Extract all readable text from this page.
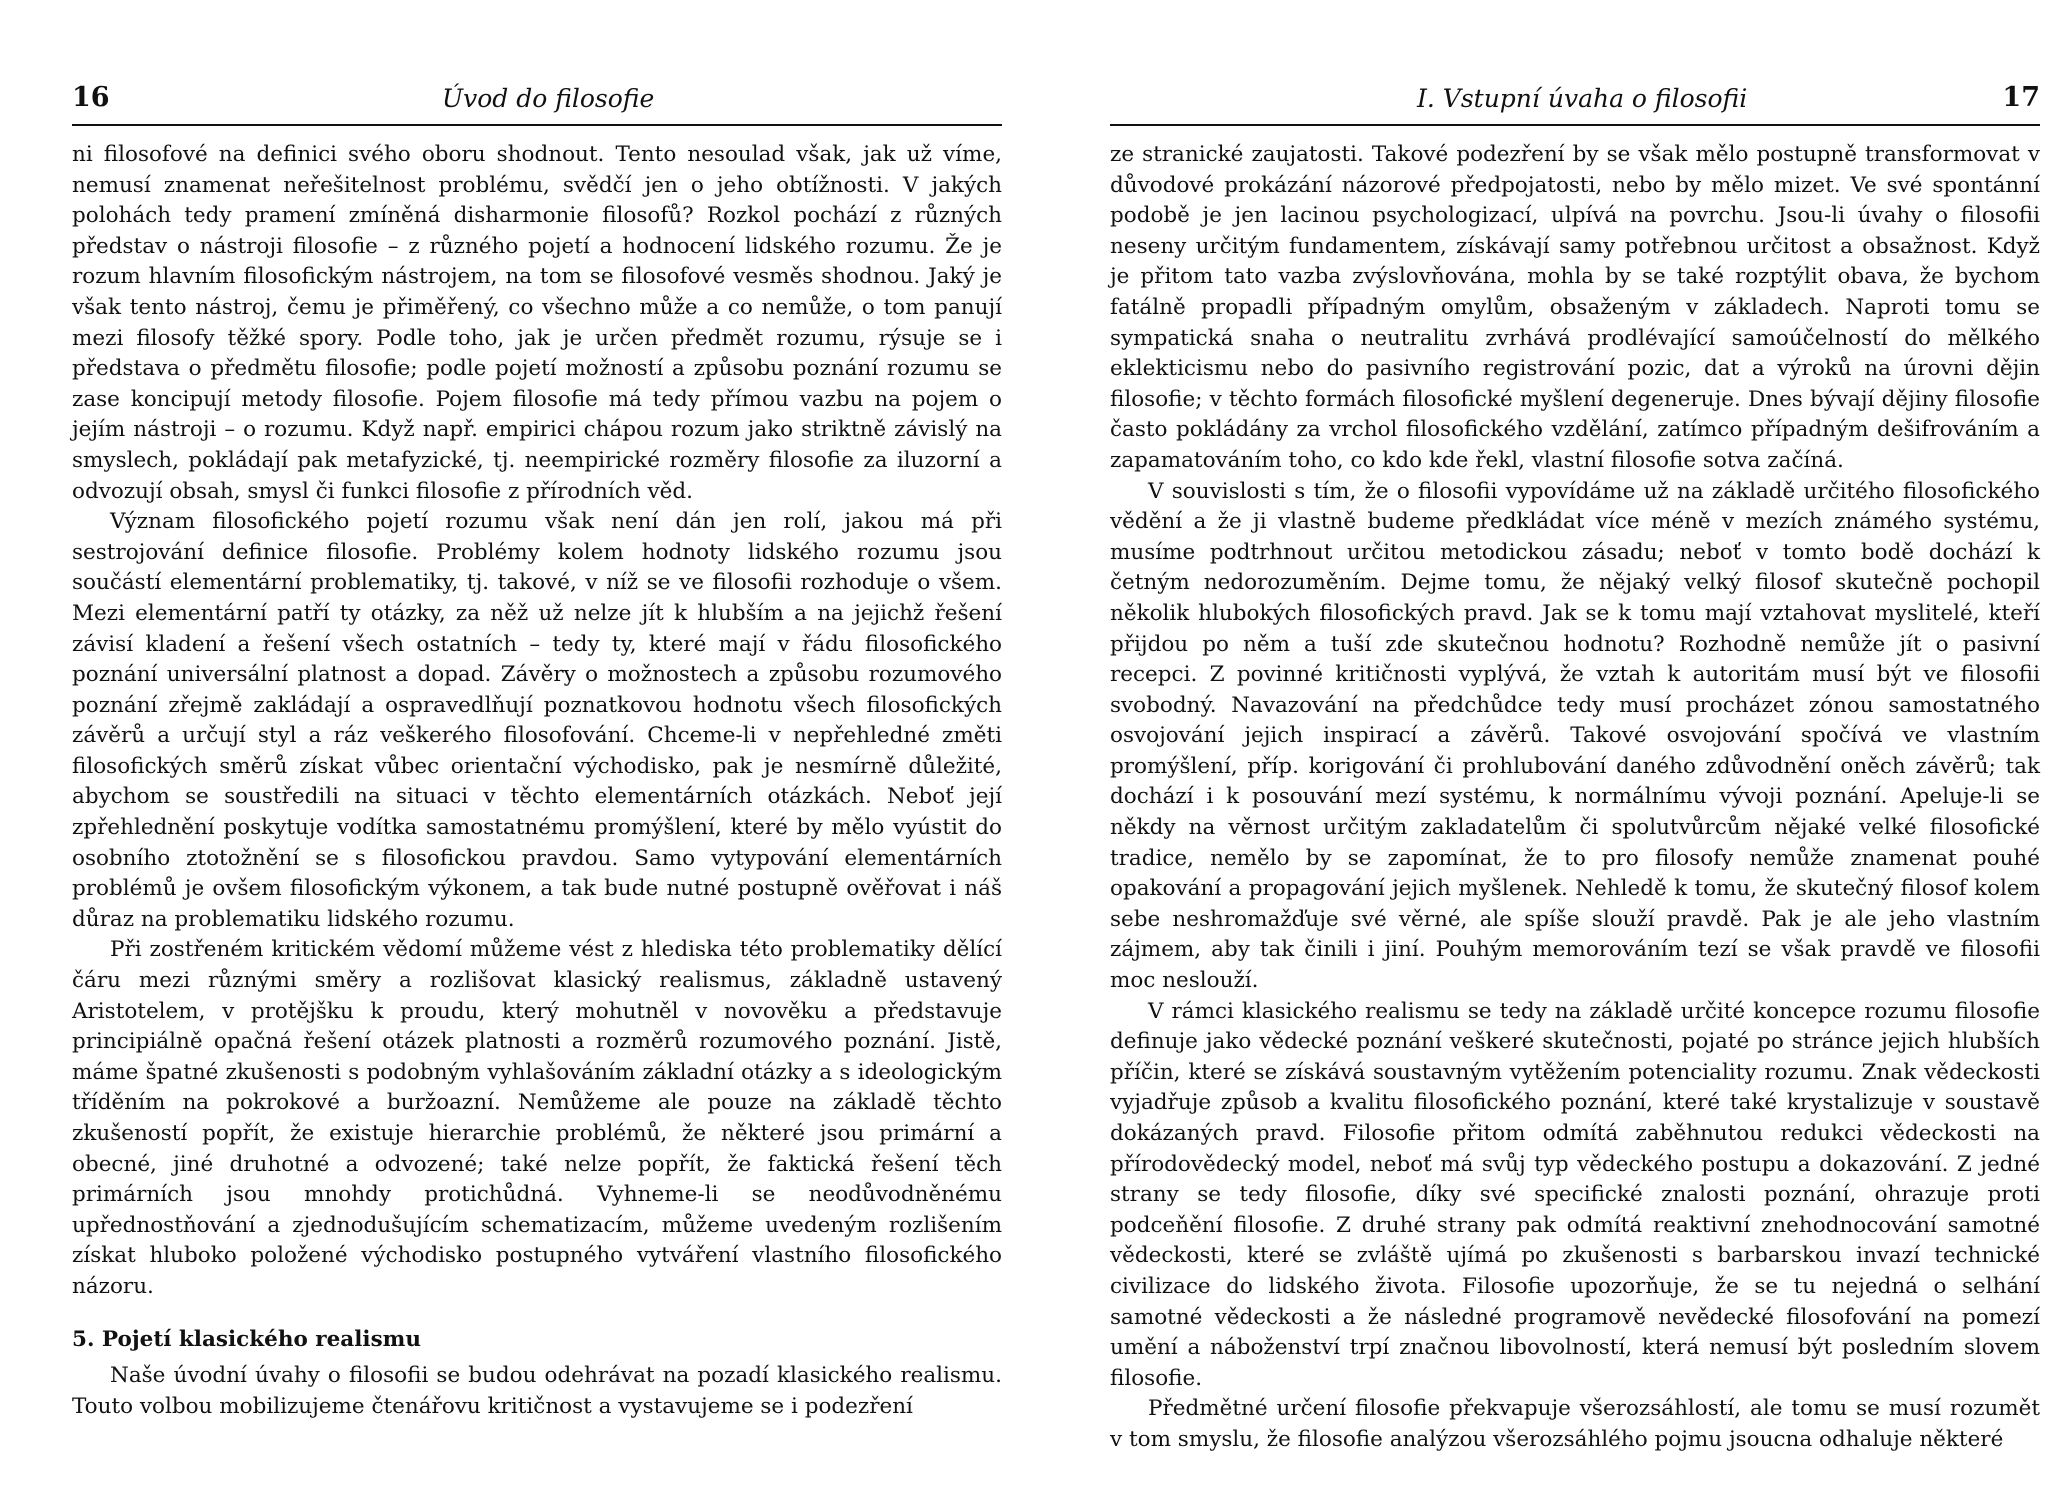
16	Úvod do filosofie

ni filosofové na definici svého oboru shodnout. Tento nesoulad však, jak už víme, nemusí znamenat neřešitelnost problému, svědčí jen o jeho obtížnosti. V jakých polohách tedy pramení zmíněná disharmonie filosofů? Rozkol pochází z různých představ o nástroji filosofie – z různého pojetí a hodnocení lidského rozumu. Že je rozum hlavním filosofickým nástrojem, na tom se filosofové vesměs shodnou. Jaký je však tento nástroj, čemu je přiměřený, co všechno může a co nemůže, o tom panují mezi filosofy těžké spory. Podle toho, jak je určen předmět rozumu, rýsuje se i představa o předmětu filosofie; podle pojetí možností a způsobu poznání rozumu se zase koncipují metody filosofie. Pojem filosofie má tedy přímou vazbu na pojem o jejím nástroji – o rozumu. Když např. empirici chápou rozum jako striktně závislý na smyslech, pokládají pak metafyzické, tj. neempirické rozměry filosofie za iluzorní a odvozují obsah, smysl či funkci filosofie z přírodních věd.

Význam filosofického pojetí rozumu však není dán jen rolí, jakou má při sestrojování definice filosofie. Problémy kolem hodnoty lidského rozumu jsou součástí elementární problematiky, tj. takové, v níž se ve filosofii rozhoduje o všem. Mezi elementární patří ty otázky, za něž už nelze jít k hlubším a na jejichž řešení závisí kladení a řešení všech ostatních – tedy ty, které mají v řádu filosofického poznání universální platnost a dopad. Závěry o možnostech a způsobu rozumového poznání zřejmě zakládají a ospravedlňují poznatkovou hodnotu všech filosofických závěrů a určují styl a ráz veškerého filosofování. Chceme-li v nepřehledné změti filosofických směrů získat vůbec orientační východisko, pak je nesmírně důležité, abychom se soustředili na situaci v těchto elementárních otázkách. Neboť její zpřehlednění poskytuje vodítka samostatnému promýšlení, které by mělo vyústit do osobního ztotožnění se s filosofickou pravdou. Samo vytypování elementárních problémů je ovšem filosofickým výkonem, a tak bude nutné postupně ověřovat i náš důraz na problematiku lidského rozumu.

Při zostřeném kritickém vědomí můžeme vést z hlediska této problematiky dělící čáru mezi různými směry a rozlišovat klasický realismus, základně ustavený Aristotelem, v protějšku k proudu, který mohutněl v novověku a představuje principiálně opačná řešení otázek platnosti a rozměrů rozumového poznání. Jistě, máme špatné zkušenosti s podobným vyhlašováním základní otázky a s ideologickým tříděním na pokrokové a buržoazní. Nemůžeme ale pouze na základě těchto zkušeností popřít, že existuje hierarchie problémů, že některé jsou primární a obecné, jiné druhotné a odvozené; také nelze popřít, že faktická řešení těch primárních jsou mnohdy protichůdná. Vyhneme-li se neodůvodněnému upřednostňování a zjednodušujícím schematizacím, můžeme uvedeným rozlišením získat hluboko položené východisko postupného vytváření vlastního filosofického názoru.

5. Pojetí klasického realismu

Naše úvodní úvahy o filosofii se budou odehrávat na pozadí klasického realismu. Touto volbou mobilizujeme čtenářovu kritičnost a vystavujeme se i podezření

I. Vstupní úvaha o filosofii	17

ze stranické zaujatosti. Takové podezření by se však mělo postupně transformovat v důvodové prokázání názorové předpojatosti, nebo by mělo mizet. Ve své spontánní podobě je jen lacinou psychologizací, ulpívá na povrchu. Jsou-li úvahy o filosofii neseny určitým fundamentem, získávají samy potřebnou určitost a obsažnost. Když je přitom tato vazba zvýslovňována, mohla by se také rozptýlit obava, že bychom fatálně propadli případným omylům, obsaženým v základech. Naproti tomu se sympatická snaha o neutralitu zvrhává prodlévající samoúčelností do mělkého eklekticismu nebo do pasivního registrování pozic, dat a výroků na úrovni dějin filosofie; v těchto formách filosofické myšlení degeneruje. Dnes bývají dějiny filosofie často pokládány za vrchol filosofického vzdělání, zatímco případným dešifrováním a zapamatováním toho, co kdo kde řekl, vlastní filosofie sotva začíná.

V souvislosti s tím, že o filosofii vypovídáme už na základě určitého filosofického vědění a že ji vlastně budeme předkládat více méně v mezích známého systému, musíme podtrhnout určitou metodickou zásadu; neboť v tomto bodě dochází k četným nedorozuměním. Dejme tomu, že nějaký velký filosof skutečně pochopil několik hlubokých filosofických pravd. Jak se k tomu mají vztahovat myslitelé, kteří přijdou po něm a tuší zde skutečnou hodnotu? Rozhodně nemůže jít o pasivní recepci. Z povinné kritičnosti vyplývá, že vztah k autoritám musí být ve filosofii svobodný. Navazování na předchůdce tedy musí procházet zónou samostatného osvojování jejich inspirací a závěrů. Takové osvojování spočívá ve vlastním promýšlení, příp. korigování či prohlubování daného zdůvodnění oněch závěrů; tak dochází i k posouvání mezí systému, k normálnímu vývoji poznání. Apeluje-li se někdy na věrnost určitým zakladatelům či spolutvůrcům nějaké velké filosofické tradice, nemělo by se zapomínat, že to pro filosofy nemůže znamenat pouhé opakování a propagování jejich myšlenek. Nehledě k tomu, že skutečný filosof kolem sebe neshromažďuje své věrné, ale spíše slouží pravdě. Pak je ale jeho vlastním zájmem, aby tak činili i jiní. Pouhým memorováním tezí se však pravdě ve filosofii moc neslouží.

V rámci klasického realismu se tedy na základě určité koncepce rozumu filosofie definuje jako vědecké poznání veškeré skutečnosti, pojaté po stránce jejich hlubších příčin, které se získává soustavným vytěžením potenciality rozumu. Znak vědeckosti vyjadřuje způsob a kvalitu filosofického poznání, které také krystalizuje v soustavě dokázaných pravd. Filosofie přitom odmítá zaběhnutou redukci vědeckosti na přírodovědecký model, neboť má svůj typ vědeckého postupu a dokazování. Z jedné strany se tedy filosofie, díky své specifické znalosti poznání, ohrazuje proti podceňění filosofie. Z druhé strany pak odmítá reaktivní znehodnocování samotné vědeckosti, které se zvláště ujímá po zkušenosti s barbarskou invazí technické civilizace do lidského života. Filosofie upozorňuje, že se tu nejedná o selhání samotné vědeckosti a že následné programově nevědecké filosofování na pomezí umění a náboženství trpí značnou libovolností, která nemusí být posledním slovem filosofie.

Předmětné určení filosofie překvapuje všerozsáhlostí, ale tomu se musí rozumět v tom smyslu, že filosofie analýzou všerozsáhlého pojmu jsoucna odhaluje některé
